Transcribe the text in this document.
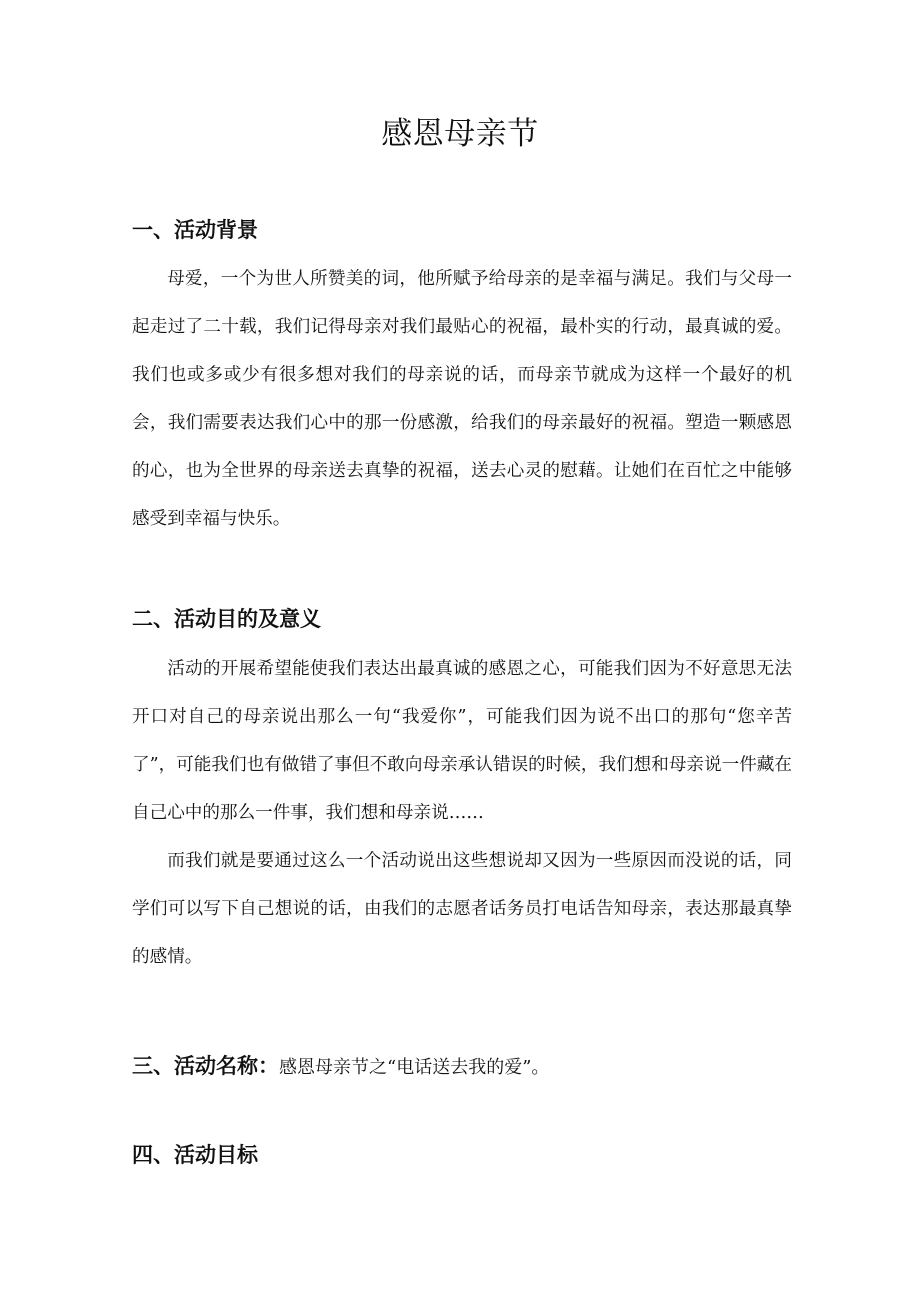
感恩母亲节
一、活动背景

母爱，一个为世人所赞美的词，他所赋予给母亲的是幸福与满足。我们与父母一起走过了二十载，我们记得母亲对我们最贴心的祝福，最朴实的行动，最真诚的爱。我们也或多或少有很多想对我们的母亲说的话，而母亲节就成为这样一个最好的机会，我们需要表达我们心中的那一份感激，给我们的母亲最好的祝福。塑造一颗感恩的心，也为全世界的母亲送去真挚的祝福，送去心灵的慰藉。让她们在百忙之中能够感受到幸福与快乐。

二、活动目的及意义

活动的开展希望能使我们表达出最真诚的感恩之心，可能我们因为不好意思无法开口对自己的母亲说出那么一句“我爱你”，可能我们因为说不出口的那句“您辛苦了”，可能我们也有做错了事但不敢向母亲承认错误的时候，我们想和母亲说一件藏在自己心中的那么一件事，我们想和母亲说……

而我们就是要通过这么一个活动说出这些想说却又因为一些原因而没说的话，同学们可以写下自己想说的话，由我们的志愿者话务员打电话告知母亲，表达那最真挚的感情。

三、活动名称：感恩母亲节之“电话送去我的爱”。
四、活动目标
